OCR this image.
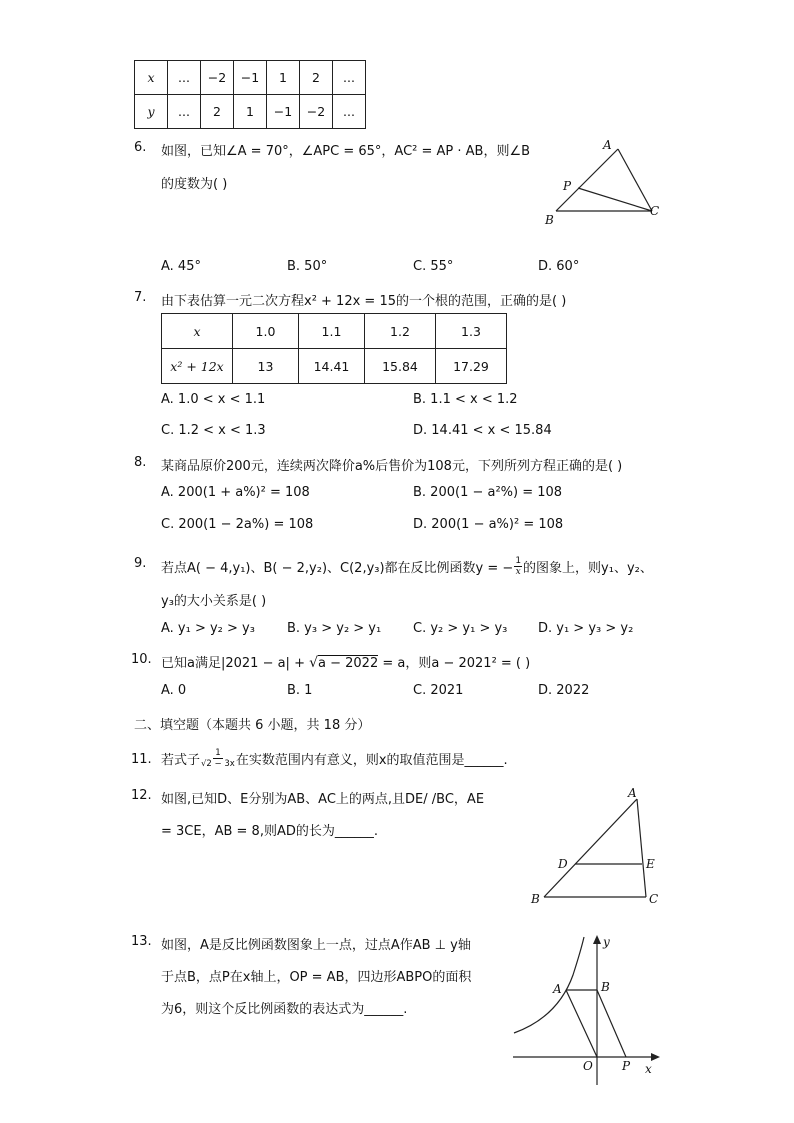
x	...	−2	−1	1	2	...
y	...	2	1	−1	−2	...
6. 如图，已知∠A = 70°，∠APC = 65°，AC² = AP · AB，则∠B
的度数为( )
A
P
B
C
A. 45°	B. 50°	C. 55°	D. 60°
7. 由下表估算一元二次方程x² + 12x = 15的一个根的范围，正确的是( )
x	1.0	1.1	1.2	1.3
x² + 12x	13	14.41	15.84	17.29
A. 1.0 < x < 1.1	B. 1.1 < x < 1.2
C. 1.2 < x < 1.3	D. 14.41 < x < 15.84
8. 某商品原价200元，连续两次降价a%后售价为108元，下列所列方程正确的是( )
A. 200(1 + a%)² = 108	B. 200(1 − a²%) = 108
C. 200(1 − 2a%) = 108	D. 200(1 − a%)² = 108
9. 若点A( − 4,y₁)、B( − 2,y₂)、C(2,y₃)都在反比例函数y = − $\frac{1}{x}$ 的图象上，则y₁、y₂、
y₃的大小关系是( )
A. y₁ > y₂ > y₃ B. y₃ > y₂ > y₁ C. y₂ > y₁ > y₃ D. y₁ > y₃ > y₂
10. 已知a满足|2021 − a| + √a − 2022 = a，则a − 2021² = ( )
A. 0	B. 1	C. 2021	D. 2022
二、填空题（本题共 6 小题，共 18 分）
11. 若式子 $\frac{1}{√2 - 3x}$ 在实数范围内有意义，则x的取值范围是______.
12. 如图,已知D、E分别为AB、AC上的两点,且DE/ /BC，AE
= 3CE，AB = 8,则AD的长为______.
A
D	E
B	C
13. 如图，A是反比例函数图象上一点，过点A作AB ⊥ y轴
于点B，点P在x轴上，OP = AB，四边形ABPO的面积
为6，则这个反比例函数的表达式为______.
A	B
O P x
y
